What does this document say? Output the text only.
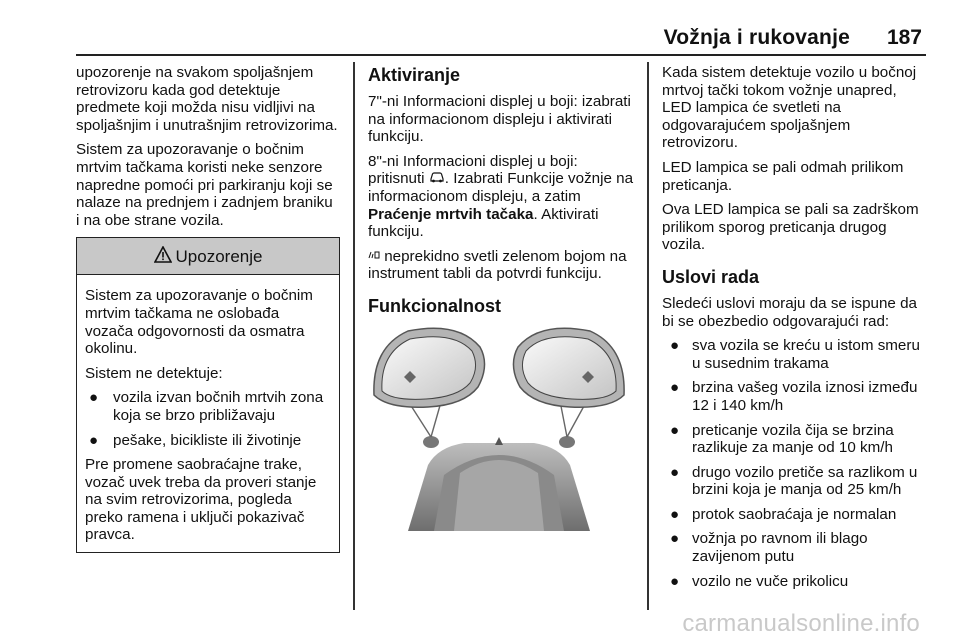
Vožnja i rukovanje 187

upozorenje na svakom spoljašnjem retrovizoru kada god detektuje predmete koji možda nisu vidljivi na spoljašnjim i unutrašnjim retrovizorima.

Sistem za upozoravanje o bočnim mrtvim tačkama koristi neke senzore napredne pomoći pri parkiranju koji se nalaze na prednjem i zadnjem braniku i na obe strane vozila.

Upozorenje

Sistem za upozoravanje o bočnim mrtvim tačkama ne oslobađa vozača odgovornosti da osmatra okolinu.

Sistem ne detektuje:

● vozila izvan bočnih mrtvih zona koja se brzo približavaju
● pešake, bicikliste ili životinje

Pre promene saobraćajne trake, vozač uvek treba da proveri stanje na svim retrovizorima, pogleda preko ramena i uključi pokazivač pravca.

Aktiviranje

7"-ni Informacioni displej u boji: izabrati na informacionom displeju i aktivirati funkciju.

8"-ni Informacioni displej u boji: pritisnuti . Izabrati Funkcije vožnje na informacionom displeju, a zatim Praćenje mrtvih tačaka. Aktivirati funkciju.

neprekidno svetli zelenom bojom na instrument tabli da potvrdi funkciju.

Funkcionalnost

Kada sistem detektuje vozilo u bočnoj mrtvoj tački tokom vožnje unapred, LED lampica će svetleti na odgovarajućem spoljašnjem retrovizoru.

LED lampica se pali odmah prilikom preticanja.

Ova LED lampica se pali sa zadrškom prilikom sporog preticanja drugog vozila.

Uslovi rada

Sledeći uslovi moraju da se ispune da bi se obezbedio odgovarajući rad:

● sva vozila se kreću u istom smeru u susednim trakama
● brzina vašeg vozila iznosi između 12 i 140 km/h
● preticanje vozila čija se brzina razlikuje za manje od 10 km/h
● drugo vozilo pretiče sa razlikom u brzini koja je manja od 25 km/h
● protok saobraćaja je normalan
● vožnja po ravnom ili blago zavijenom putu
● vozilo ne vuče prikolicu
carmanualsonline.info
